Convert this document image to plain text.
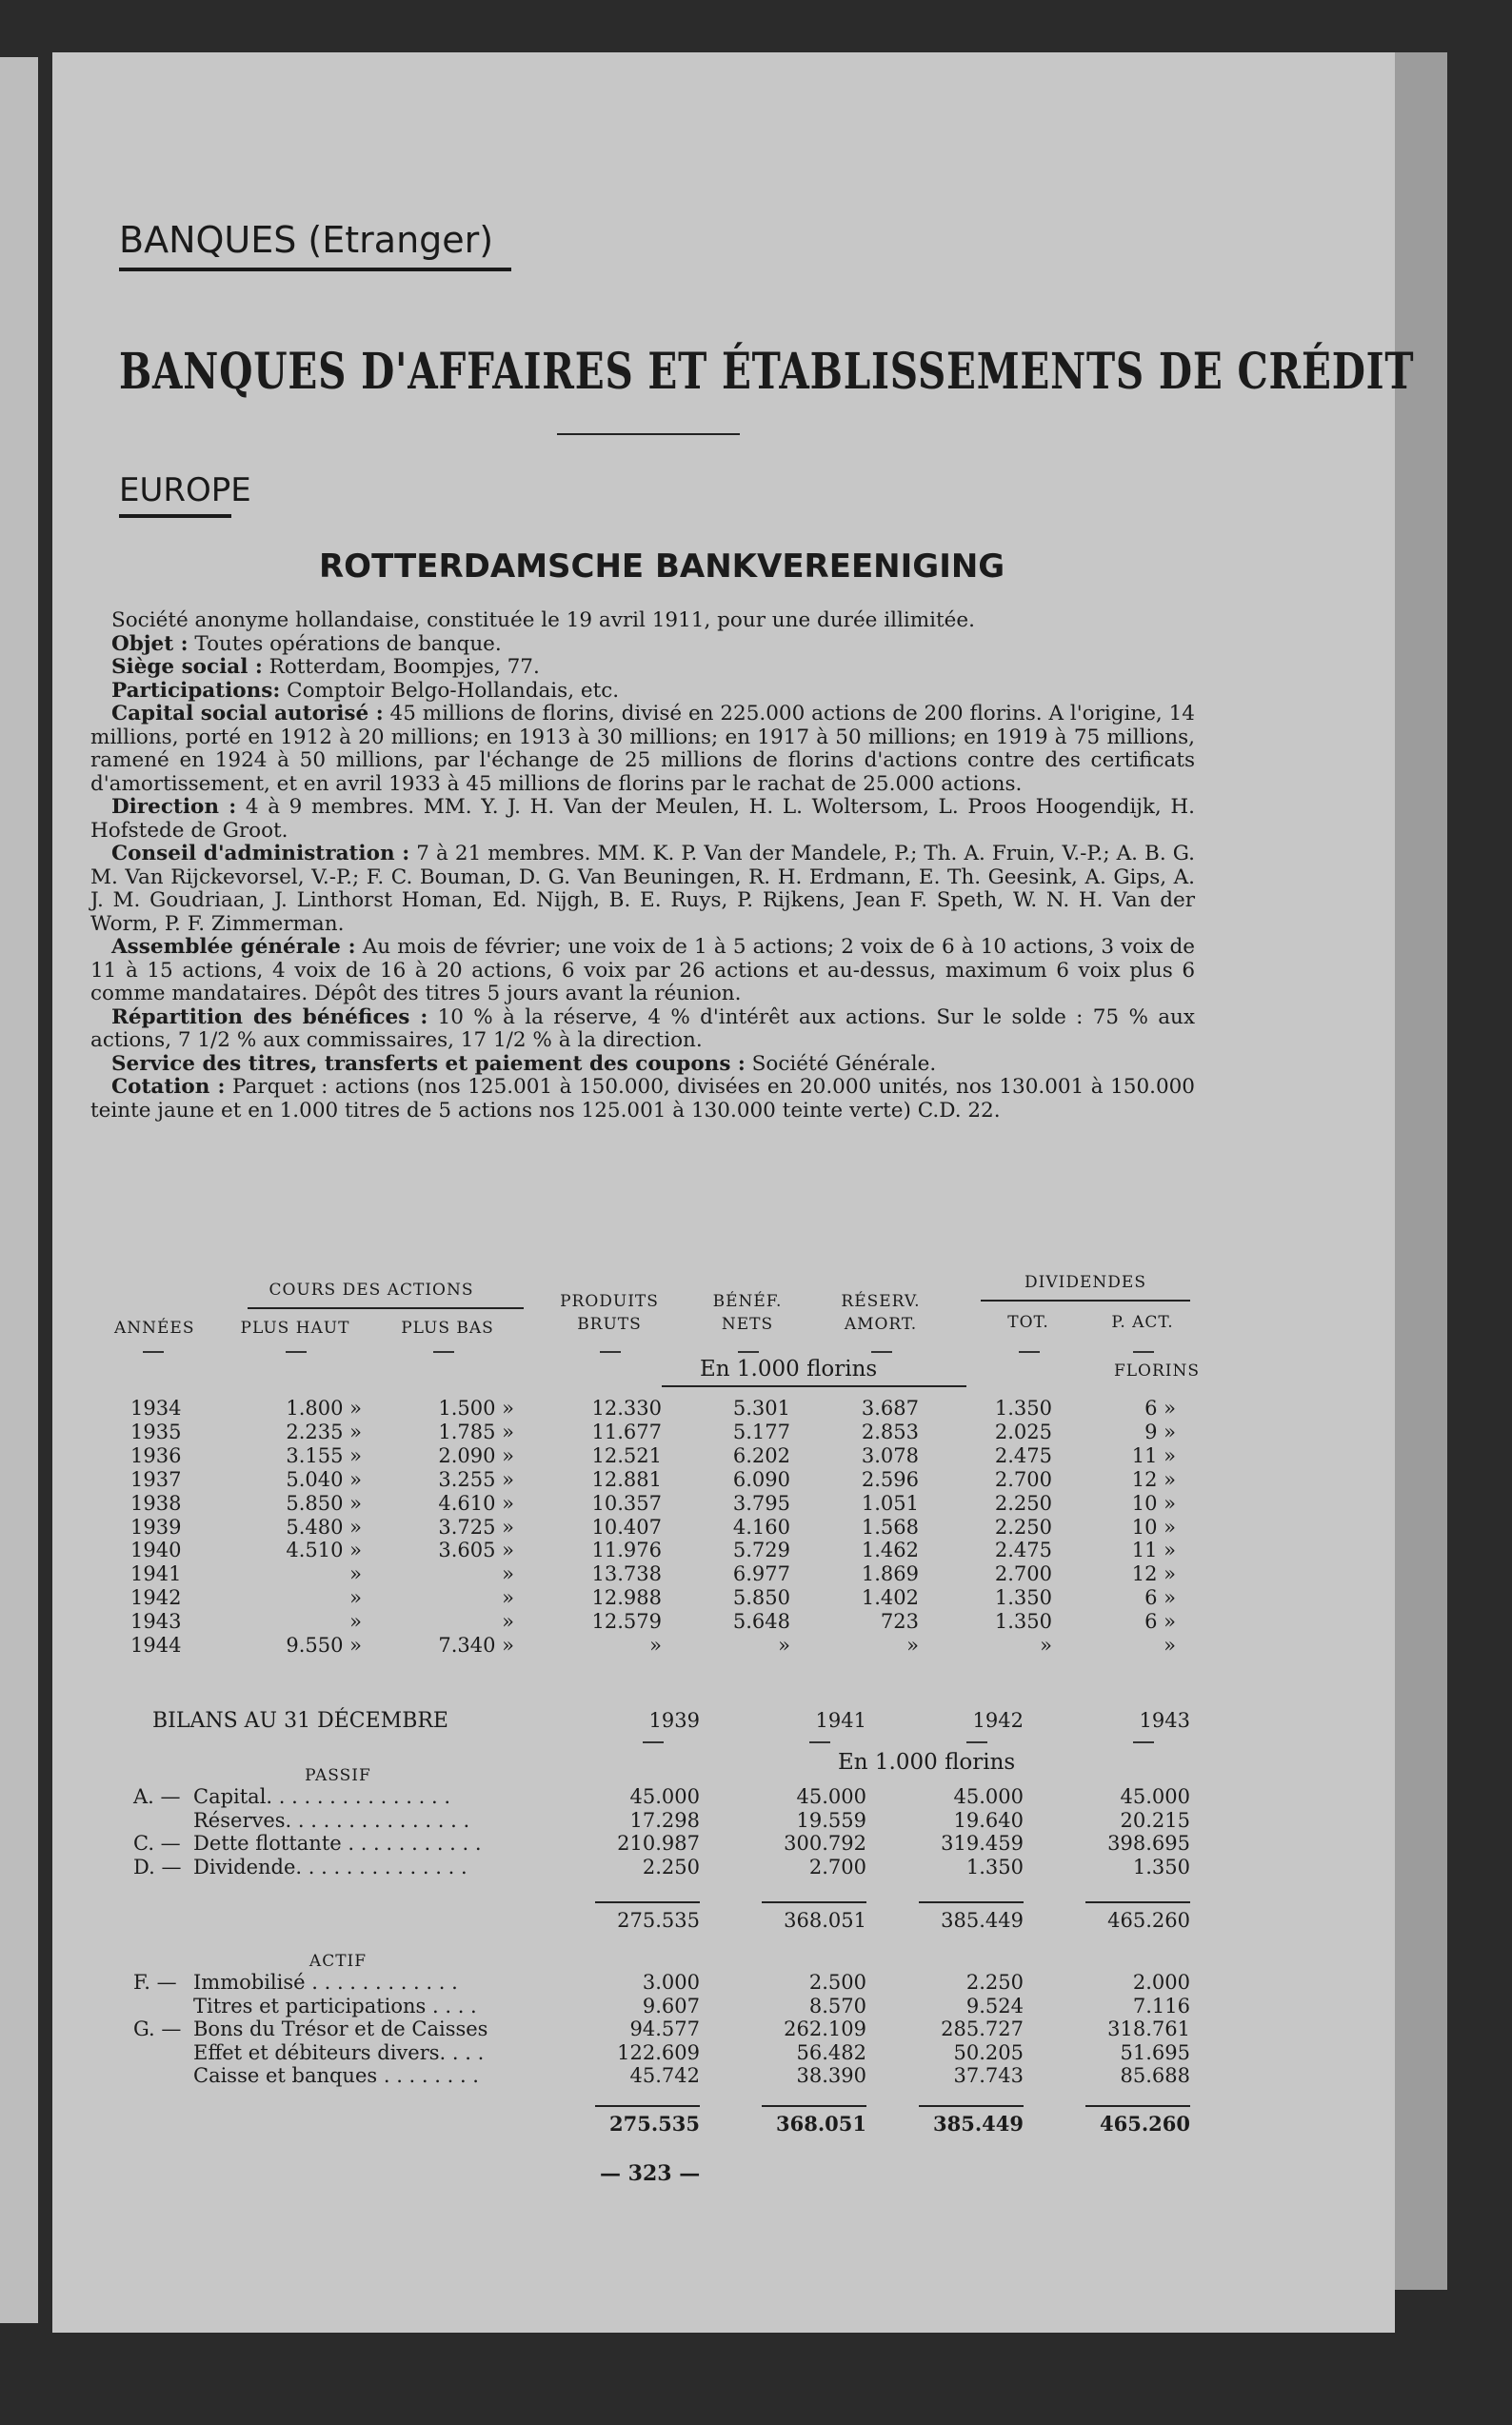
BANQUES (Etranger)
BANQUES D'AFFAIRES ET ÉTABLISSEMENTS DE CRÉDIT
EUROPE
ROTTERDAMSCHE BANKVEREENIGING

Société anonyme hollandaise, constituée le 19 avril 1911, pour une durée illimitée.

Objet : Toutes opérations de banque.

Siège social : Rotterdam, Boompjes, 77.

Participations: Comptoir Belgo-Hollandais, etc.

Capital social autorisé : 45 millions de florins, divisé en 225.000 actions de 200 florins. A l'origine, 14 millions, porté en 1912 à 20 millions; en 1913 à 30 millions; en 1917 à 50 millions; en 1919 à 75 millions, ramené en 1924 à 50 millions, par l'échange de 25 millions de florins d'actions contre des certificats d'amortissement, et en avril 1933 à 45 millions de florins par le rachat de 25.000 actions.

Direction : 4 à 9 membres. MM. Y. J. H. Van der Meulen, H. L. Woltersom, L. Proos Hoogendijk, H. Hofstede de Groot.

Conseil d'administration : 7 à 21 membres. MM. K. P. Van der Mandele, P.; Th. A. Fruin, V.-P.; A. B. G. M. Van Rijckevorsel, V.-P.; F. C. Bouman, D. G. Van Beuningen, R. H. Erdmann, E. Th. Geesink, A. Gips, A. J. M. Goudriaan, J. Linthorst Homan, Ed. Nijgh, B. E. Ruys, P. Rijkens, Jean F. Speth, W. N. H. Van der Worm, P. F. Zimmerman.

Assemblée générale : Au mois de février; une voix de 1 à 5 actions; 2 voix de 6 à 10 actions, 3 voix de 11 à 15 actions, 4 voix de 16 à 20 actions, 6 voix par 26 actions et au-dessus, maximum 6 voix plus 6 comme mandataires. Dépôt des titres 5 jours avant la réunion.

Répartition des bénéfices : 10 % à la réserve, 4 % d'intérêt aux actions. Sur le solde : 75 % aux actions, 7 1/2 % aux commissaires, 17 1/2 % à la direction.

Service des titres, transferts et paiement des coupons : Société Générale.

Cotation : Parquet : actions (nos 125.001 à 150.000, divisées en 20.000 unités, nos 130.001 à 150.000 teinte jaune et en 1.000 titres de 5 actions nos 125.001 à 130.000 teinte verte) C.D. 22.

COURS DES ACTIONS
ANNÉES	PLUS HAUT	PLUS BAS
PRODUITS
BRUTS
BÉNÉF.
NETS
RÉSERV.
AMORT.
DIVIDENDES
TOT.	P. ACT.
En 1.000 florins	FLORINS
1934	1.800 »	1.500 »	12.330	5.301	3.687	1.350	6 »
1935	2.235 »	1.785 »	11.677	5.177	2.853	2.025	9 »
1936	3.155 »	2.090 »	12.521	6.202	3.078	2.475	11 »
1937	5.040 »	3.255 »	12.881	6.090	2.596	2.700	12 »
1938	5.850 »	4.610 »	10.357	3.795	1.051	2.250	10 »
1939	5.480 »	3.725 »	10.407	4.160	1.568	2.250	10 »
1940	4.510 »	3.605 »	11.976	5.729	1.462	2.475	11 »
1941	»	»	13.738	6.977	1.869	2.700	12 »
1942	»	»	12.988	5.850	1.402	1.350	6 »
1943	»	»	12.579	5.648	723	1.350	6 »
1944	9.550 »	7.340 »	»	»	»	»	»
BILANS AU 31 DÉCEMBRE	1939	1941	1942	1943
En 1.000 florins
PASSIF
A. — Capital. . . . . . . . . . . . . . .	45.000	45.000	45.000	45.000
Réserves. . . . . . . . . . . . . . .	17.298	19.559	19.640	20.215
C. — Dette flottante . . . . . . . . . . .	210.987	300.792	319.459	398.695
D. — Dividende. . . . . . . . . . . . . .	2.250	2.700	1.350	1.350
275.535	368.051	385.449	465.260
ACTIF
F. — Immobilisé . . . . . . . . . . . .	3.000	2.500	2.250	2.000
Titres et participations . . . .	9.607	8.570	9.524	7.116
G. — Bons du Trésor et de Caisses	94.577	262.109	285.727	318.761
Effet et débiteurs divers. . . .	122.609	56.482	50.205	51.695
Caisse et banques . . . . . . . .	45.742	38.390	37.743	85.688
275.535	368.051	385.449	465.260
— 323 —
